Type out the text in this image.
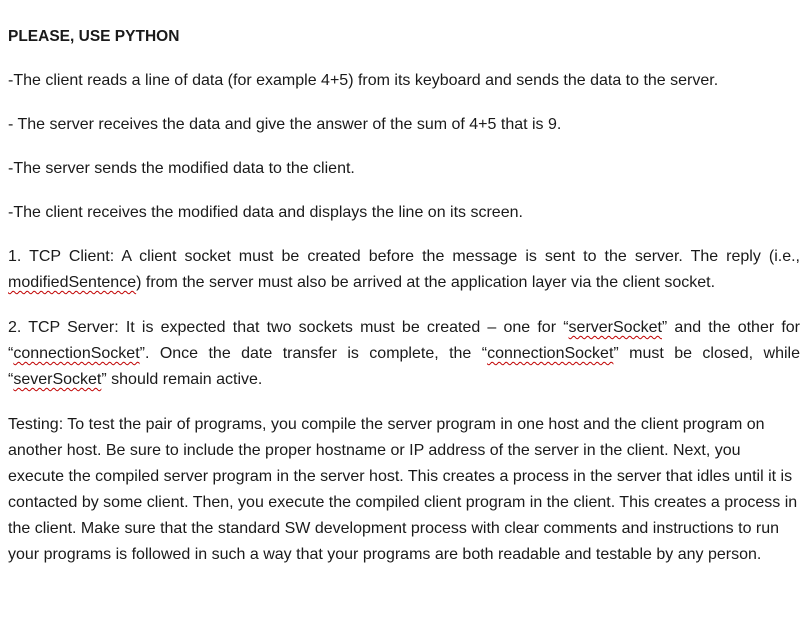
PLEASE, USE PYTHON

-The client reads a line of data (for example 4+5) from its keyboard and sends the data to the server.

- The server receives the data and give the answer of the sum of 4+5 that is 9.

-The server sends the modified data to the client.

-The client receives the modified data and displays the line on its screen.

1. TCP Client: A client socket must be created before the message is sent to the server. The reply (i.e., modifiedSentence) from the server must also be arrived at the application layer via the client socket.

2. TCP Server: It is expected that two sockets must be created – one for “serverSocket” and the other for “connectionSocket”. Once the date transfer is complete, the “connectionSocket” must be closed, while “severSocket” should remain active.

Testing: To test the pair of programs, you compile the server program in one host and the client program on another host. Be sure to include the proper hostname or IP address of the server in the client. Next, you execute the compiled server program in the server host. This creates a process in the server that idles until it is contacted by some client. Then, you execute the compiled client program in the client. This creates a process in the client. Make sure that the standard SW development process with clear comments and instructions to run your programs is followed in such a way that your programs are both readable and testable by any person.
